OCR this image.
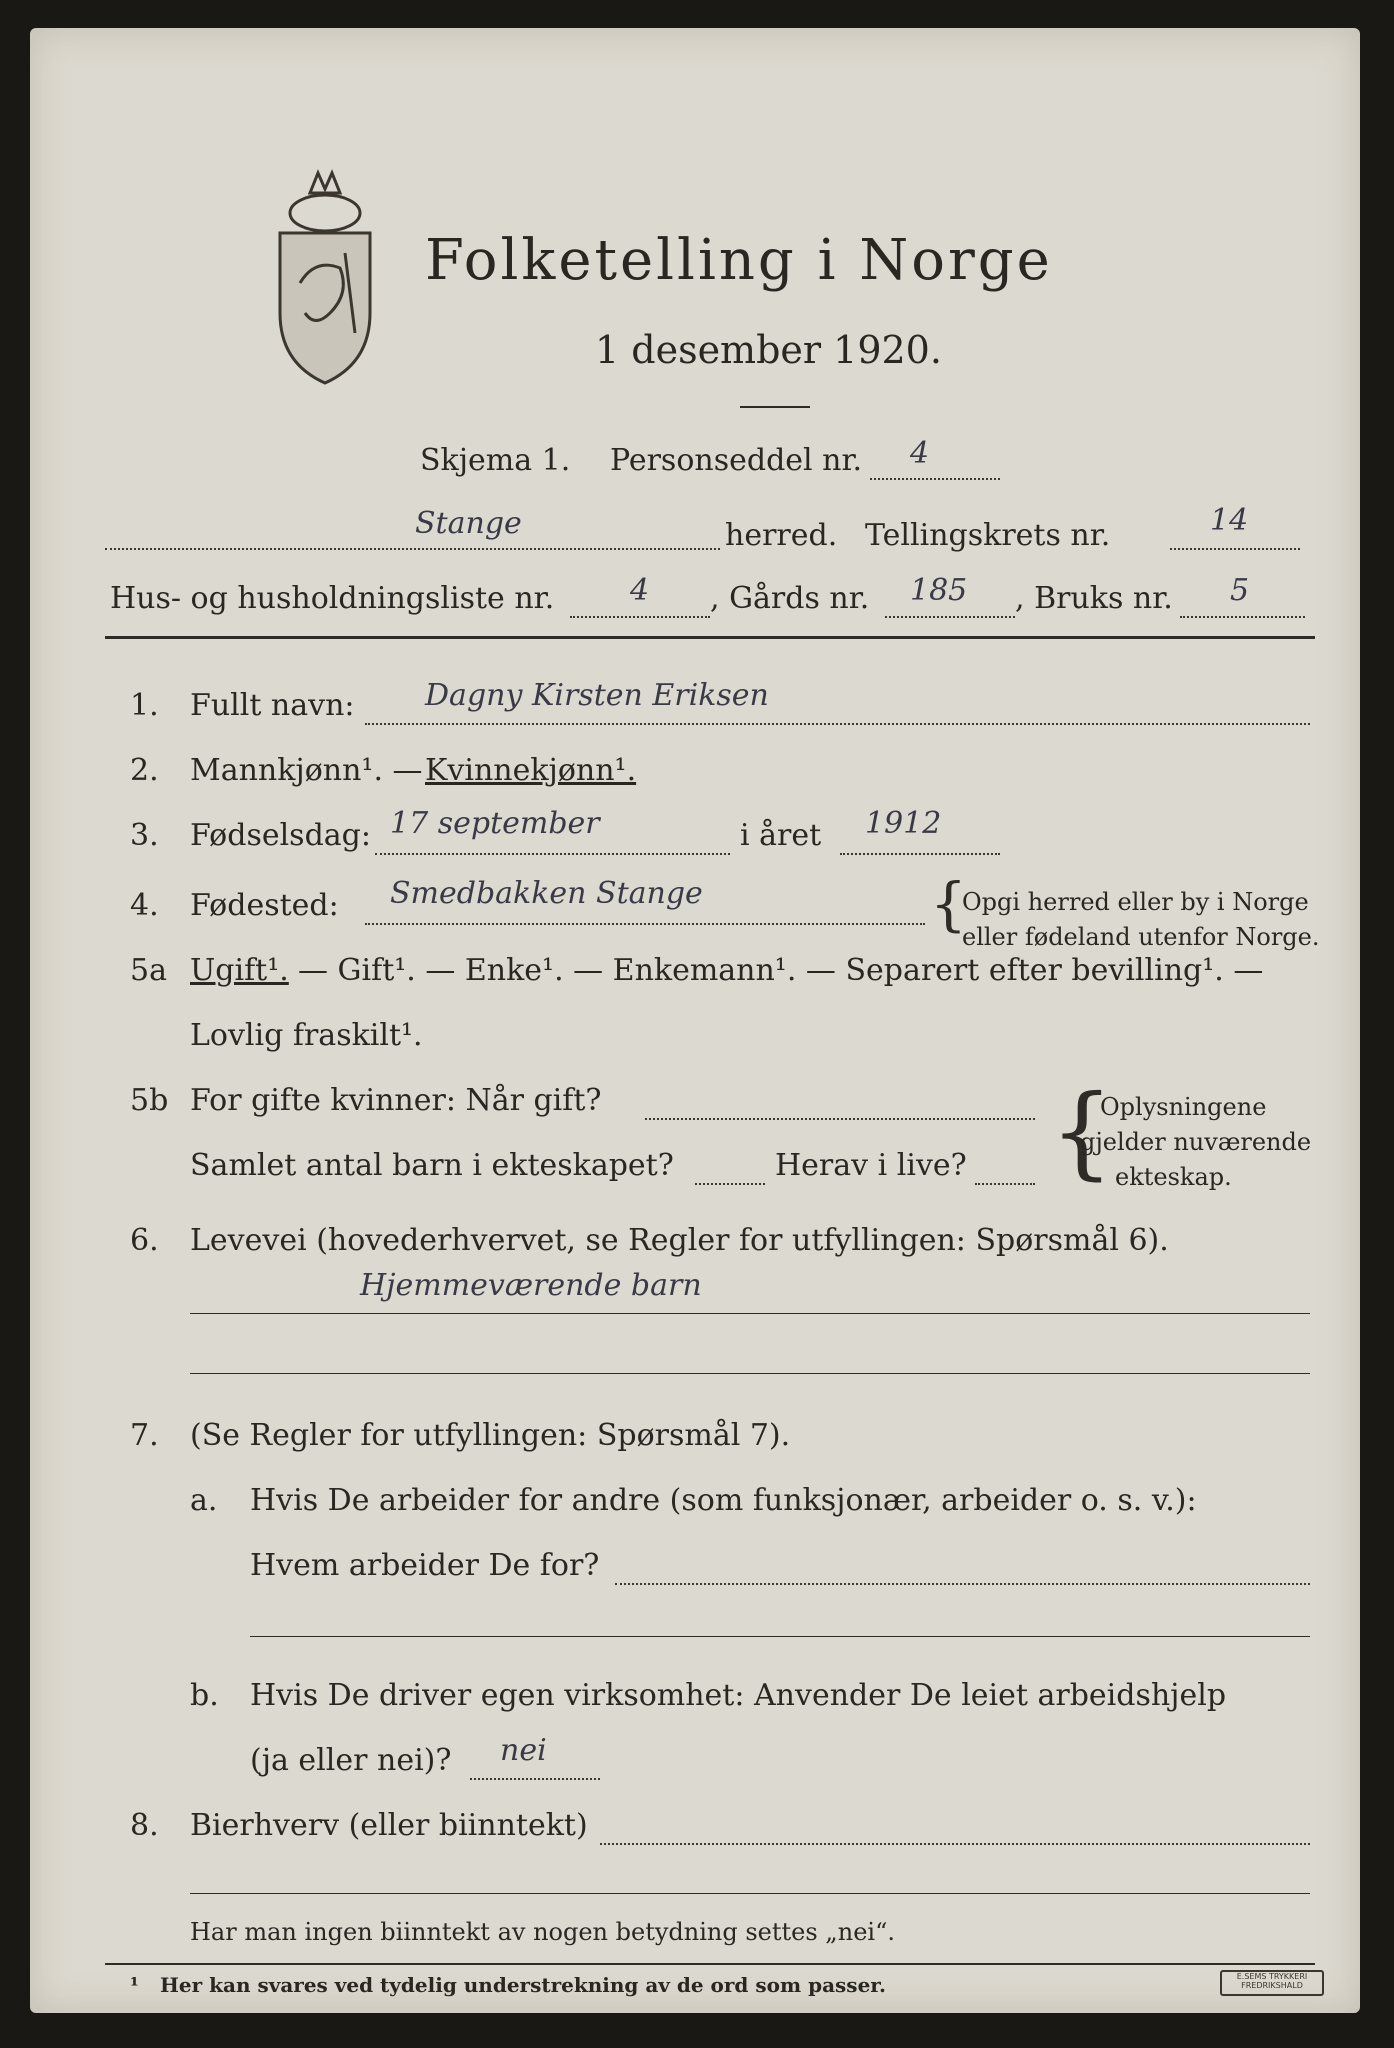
Folketelling i Norge
1 desember 1920.
Skjema 1. Personseddel nr. 4
Stange	herred. Tellingskrets nr.	14
Hus- og husholdningsliste nr.	4 , Gårds nr. 185 , Bruks nr. 5
1. Fullt navn: Dagny Kirsten Eriksen
2. Mannkjønn¹. — Kvinnekjønn¹.
3. Fødselsdag: 17 september	i året 1912
4. Fødested: Smedbakken Stange	{
Opgi herred eller by i Norge
eller fødeland utenfor Norge.
5a Ugift¹. — Gift¹. — Enke¹. — Enkemann¹. — Separert efter bevilling¹. —
Lovlig fraskilt¹.
5b For gifte kvinner: Når gift?
Samlet antal barn i ekteskapet?	Herav i live? {
Oplysningene
gjelder nuværende
ekteskap.
6. Levevei (hovederhvervet, se Regler for utfyllingen: Spørsmål 6).
Hjemmeværende barn
7. (Se Regler for utfyllingen: Spørsmål 7).
a. Hvis De arbeider for andre (som funksjonær, arbeider o. s. v.):
Hvem arbeider De for?
b. Hvis De driver egen virksomhet: Anvender De leiet arbeidshjelp
(ja eller nei)? nei
8. Bierhverv (eller biinntekt)
Har man ingen biinntekt av nogen betydning settes „nei“.
¹ Her kan svares ved tydelig understrekning av de ord som passer.	E.SEMS TRYKKERI FREDRIKSHALD
